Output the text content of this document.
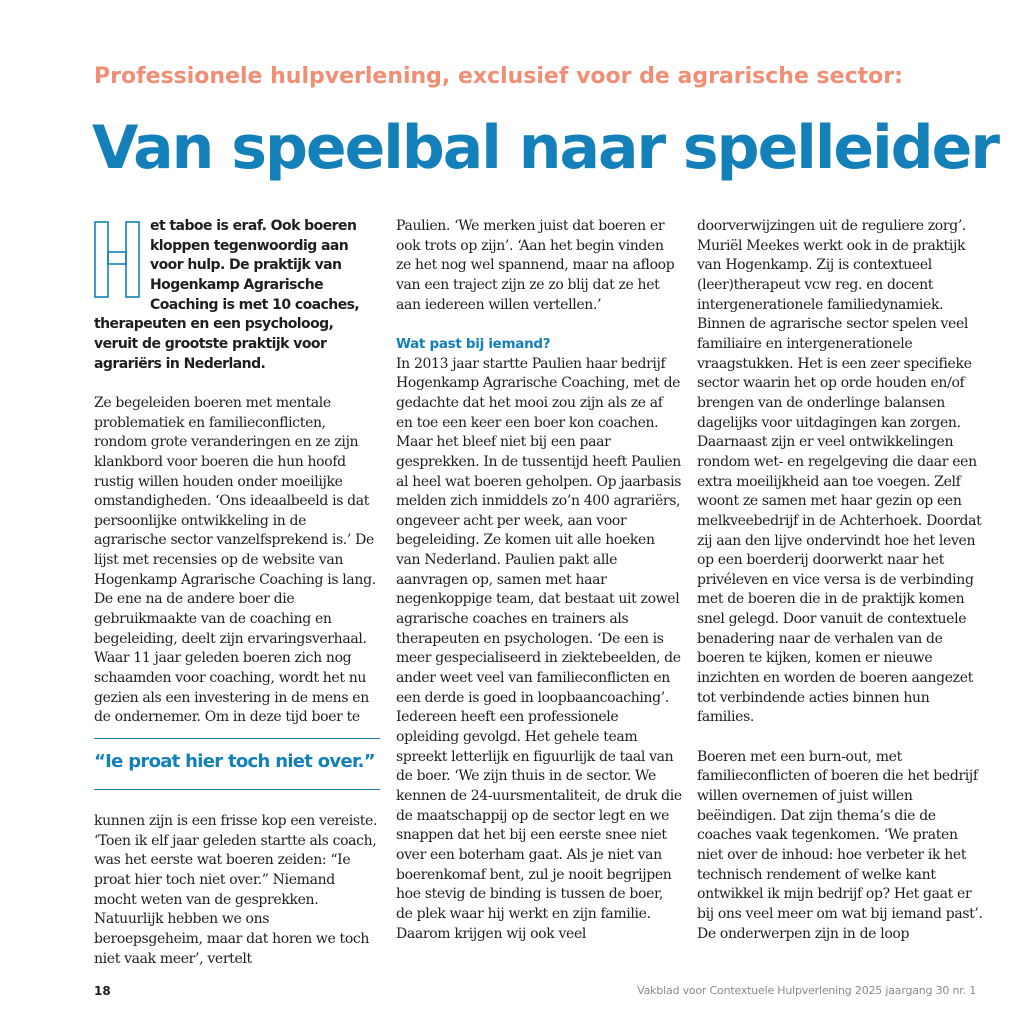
Professionele hulpverlening, exclusief voor de agrarische sector:
Van speelbal naar spelleider

et taboe is eraf. Ook boeren kloppen tegenwoordig aan voor hulp. De praktijk van Hogenkamp Agrarische Coaching is met 10 coaches, therapeuten en een psycholoog, veruit de grootste praktijk voor agrariërs in Nederland.

Ze begeleiden boeren met mentale problematiek en familieconflicten, rondom grote veranderingen en ze zijn klankbord voor boeren die hun hoofd rustig willen houden onder moeilijke omstandigheden. ‘Ons ideaalbeeld is dat persoonlijke ontwikkeling in de agrarische sector vanzelfsprekend is.’ De lijst met recensies op de website van Hogenkamp Agrarische Coaching is lang. De ene na de andere boer die gebruikmaakte van de coaching en begeleiding, deelt zijn ervaringsverhaal. Waar 11 jaar geleden boeren zich nog schaamden voor coaching, wordt het nu gezien als een investering in de mens en de ondernemer. Om in deze tijd boer te

“Ie proat hier toch niet over.”

kunnen zijn is een frisse kop een vereiste. ‘Toen ik elf jaar geleden startte als coach, was het eerste wat boeren zeiden: “Ie proat hier toch niet over.” Niemand mocht weten van de gesprekken. Natuurlijk hebben we ons beroepsgeheim, maar dat horen we toch niet vaak meer’, vertelt

Paulien. ‘We merken juist dat boeren er ook trots op zijn’. ‘Aan het begin vinden ze het nog wel spannend, maar na afloop van een traject zijn ze zo blij dat ze het aan iedereen willen vertellen.’

Wat past bij iemand?

In 2013 jaar startte Paulien haar bedrijf Hogenkamp Agrarische Coaching, met de gedachte dat het mooi zou zijn als ze af en toe een keer een boer kon coachen. Maar het bleef niet bij een paar gesprekken. In de tussentijd heeft Paulien al heel wat boeren geholpen. Op jaarbasis melden zich inmiddels zo’n 400 agrariërs, ongeveer acht per week, aan voor begeleiding. Ze komen uit alle hoeken van Nederland. Paulien pakt alle aanvragen op, samen met haar negenkoppige team, dat bestaat uit zowel agrarische coaches en trainers als therapeuten en psychologen. ‘De een is meer gespecialiseerd in ziektebeelden, de ander weet veel van familieconflicten en een derde is goed in loopbaancoaching’. Iedereen heeft een professionele opleiding gevolgd. Het gehele team spreekt letterlijk en figuurlijk de taal van de boer. ‘We zijn thuis in de sector. We kennen de 24-uursmentaliteit, de druk die de maatschappij op de sector legt en we snappen dat het bij een eerste snee niet over een boterham gaat. Als je niet van boerenkomaf bent, zul je nooit begrijpen hoe stevig de binding is tussen de boer, de plek waar hij werkt en zijn familie. Daarom krijgen wij ook veel

doorverwijzingen uit de reguliere zorg’. Muriël Meekes werkt ook in de praktijk van Hogenkamp. Zij is contextueel (leer)therapeut vcw reg. en docent intergenerationele familiedynamiek. Binnen de agrarische sector spelen veel familiaire en intergenerationele vraagstukken. Het is een zeer specifieke sector waarin het op orde houden en/of brengen van de onderlinge balansen dagelijks voor uitdagingen kan zorgen. Daarnaast zijn er veel ontwikkelingen rondom wet- en regelgeving die daar een extra moeilijkheid aan toe voegen. Zelf woont ze samen met haar gezin op een melkveebedrijf in de Achterhoek. Doordat zij aan den lijve ondervindt hoe het leven op een boerderij doorwerkt naar het privéleven en vice versa is de verbinding met de boeren die in de praktijk komen snel gelegd. Door vanuit de contextuele benadering naar de verhalen van de boeren te kijken, komen er nieuwe inzichten en worden de boeren aangezet tot verbindende acties binnen hun families.

Boeren met een burn-out, met familieconflicten of boeren die het bedrijf willen overnemen of juist willen beëindigen. Dat zijn thema’s die de coaches vaak tegenkomen. ‘We praten niet over de inhoud: hoe verbeter ik het technisch rendement of welke kant ontwikkel ik mijn bedrijf op? Het gaat er bij ons veel meer om wat bij iemand past’. De onderwerpen zijn in de loop

18	Vakblad voor Contextuele Hulpverlening 2025 jaargang 30 nr. 1
